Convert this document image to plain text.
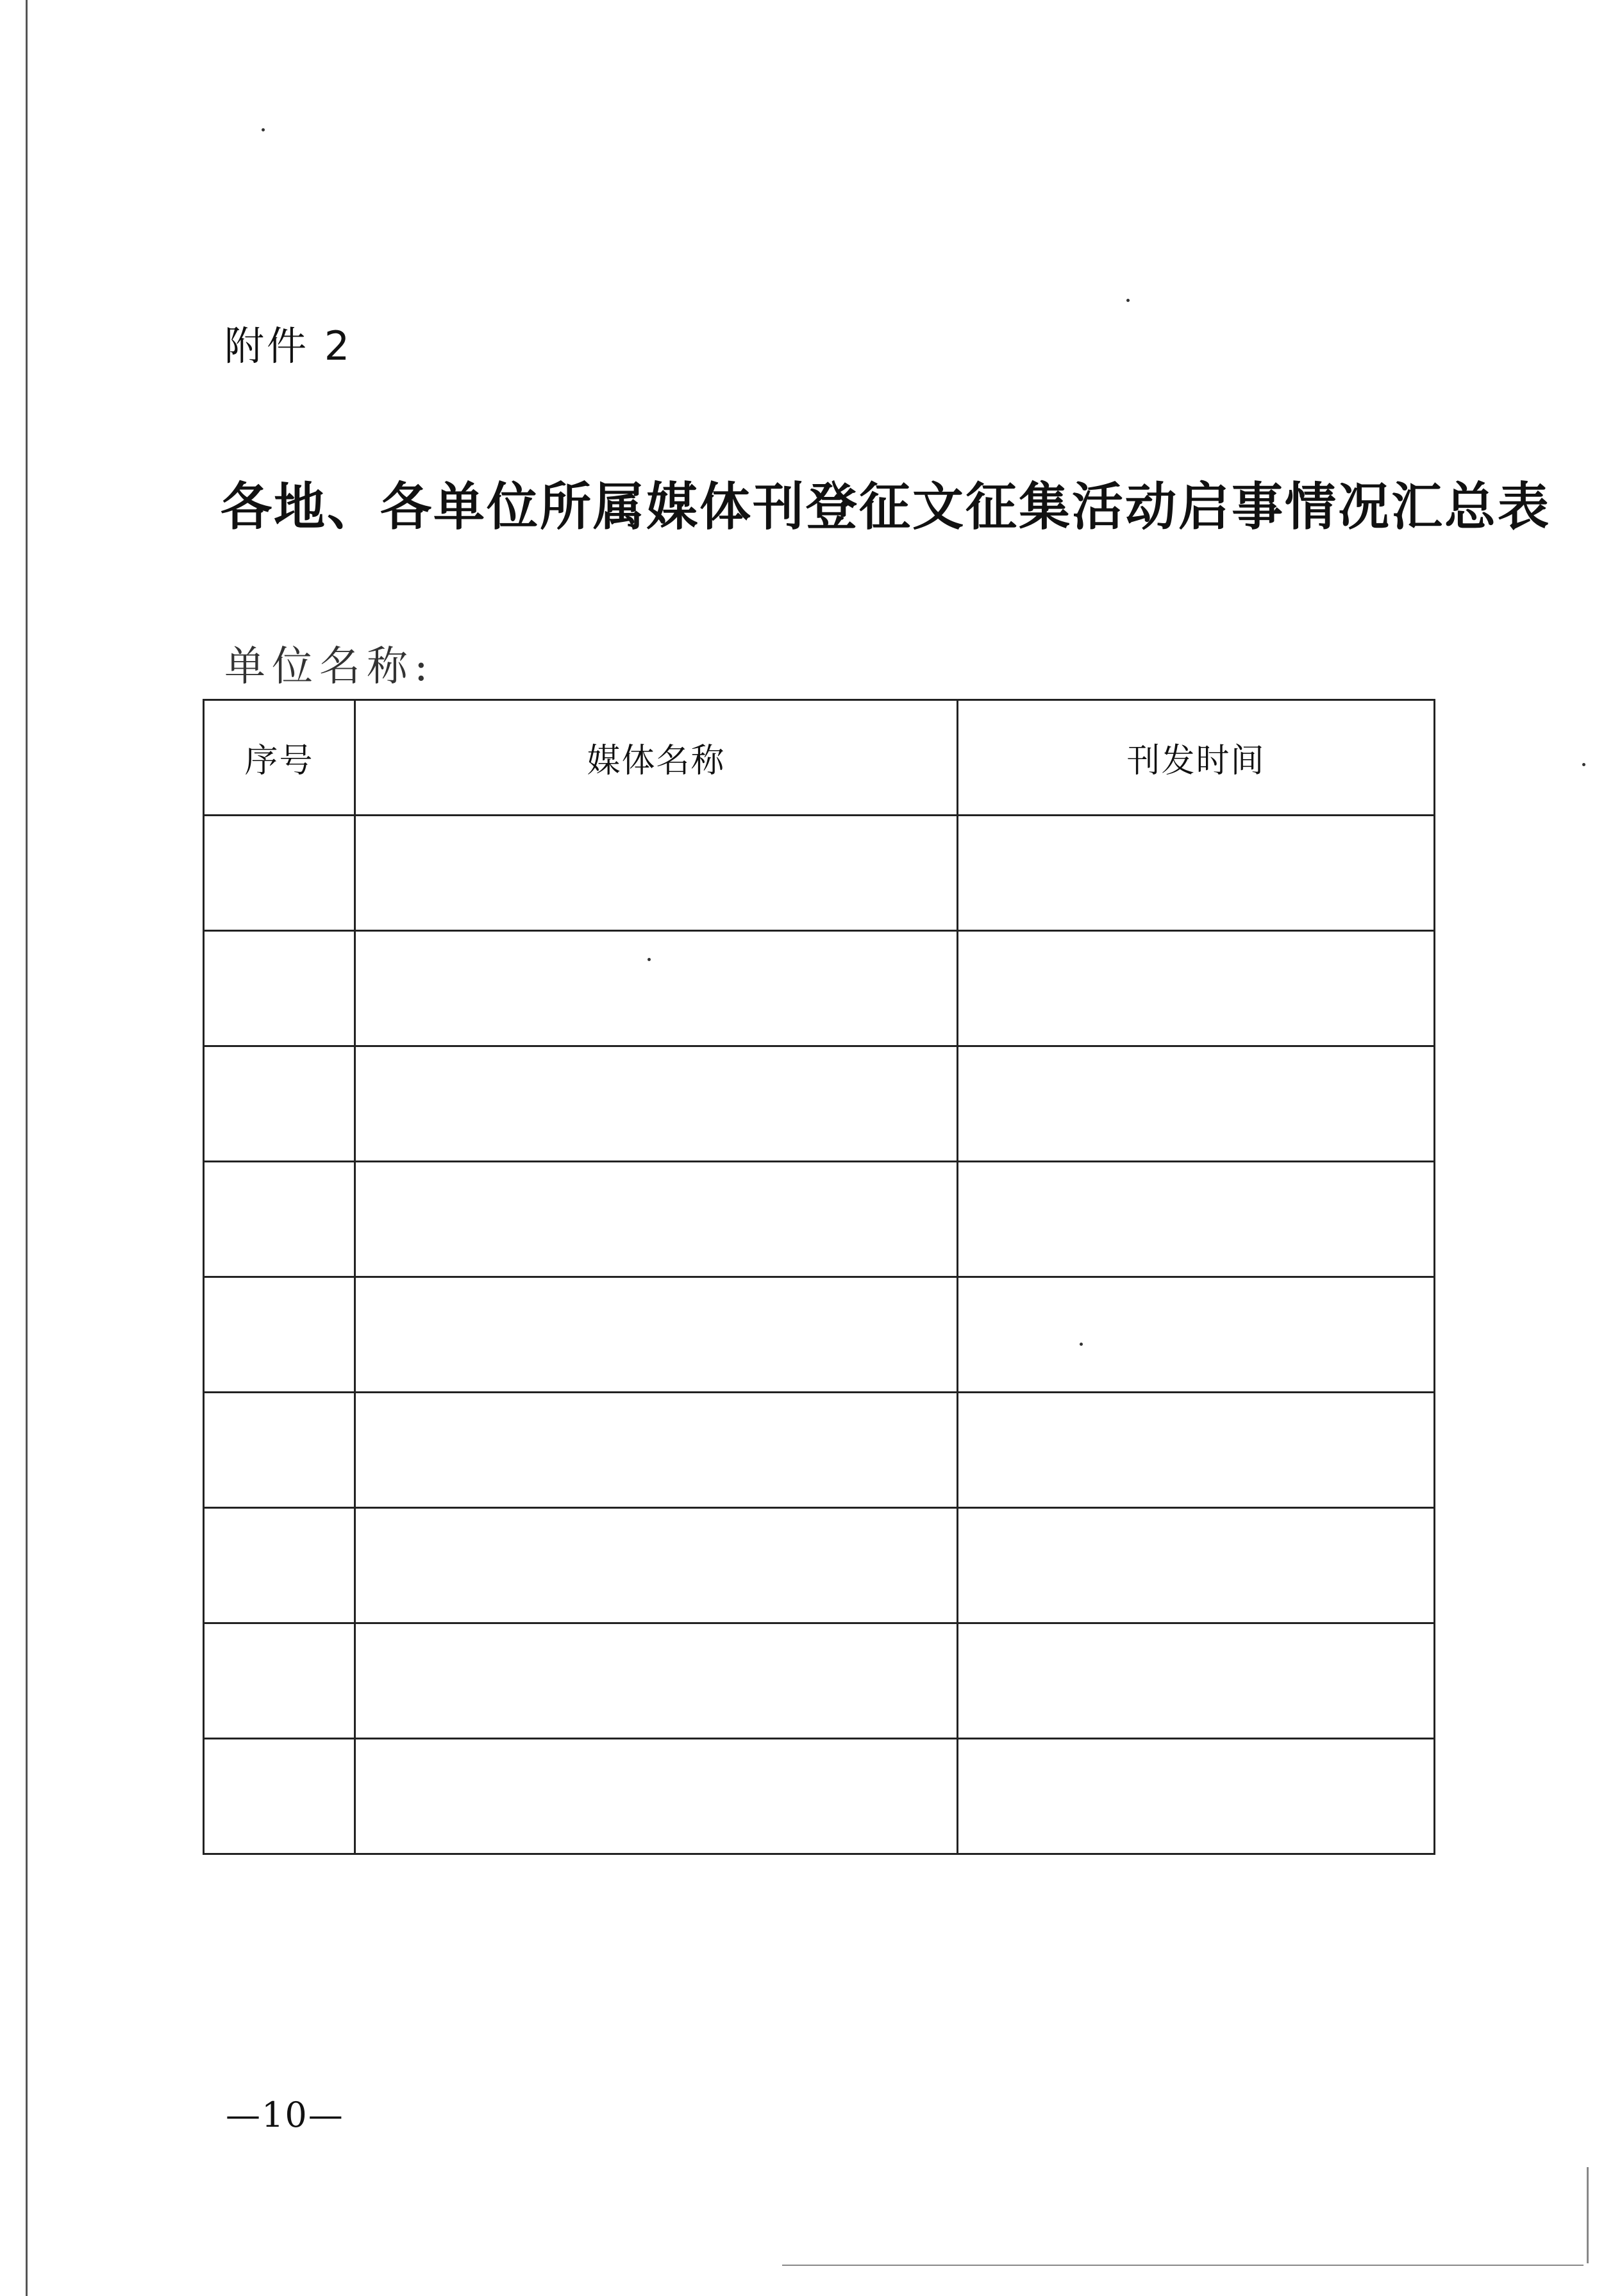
附件 2
各地、各单位所属媒体刊登征文征集活动启事情况汇总表
单位名称:
序号	媒体名称	刊发时间

—10—
